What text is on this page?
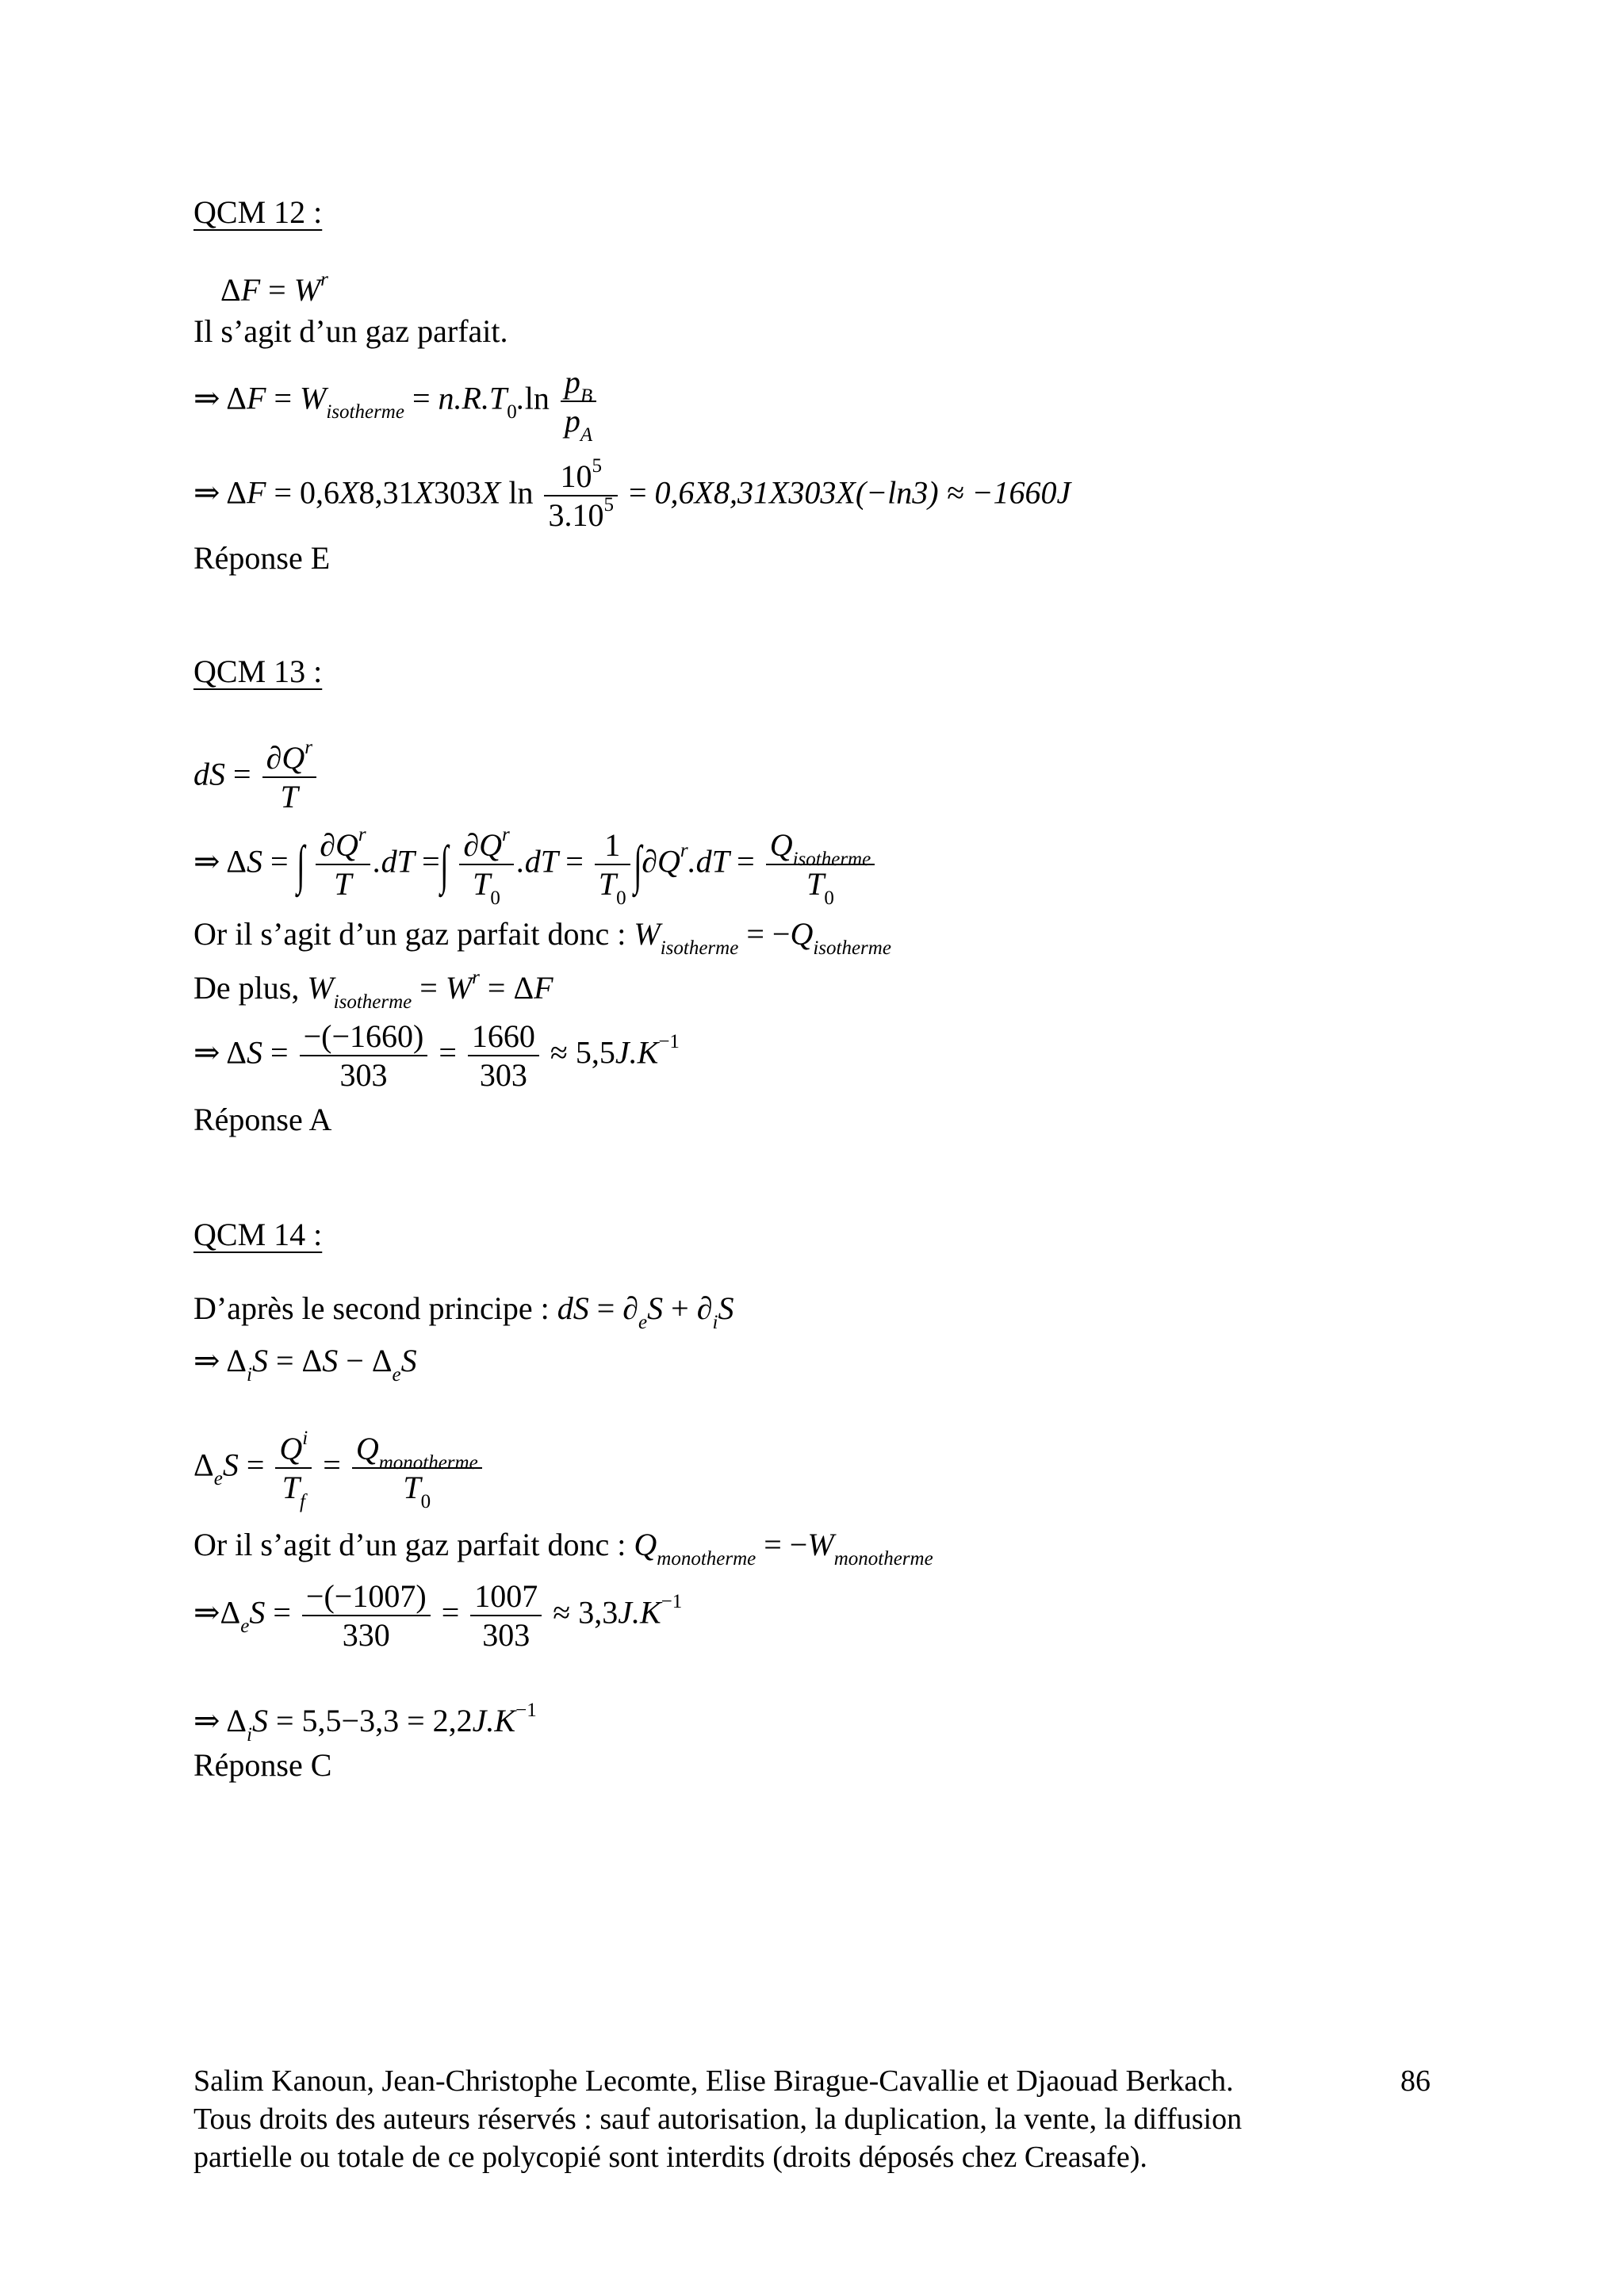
QCM 12 :
$\Delta F = W^r$
Il s’agit d’un gaz parfait.
⇒ $\Delta F = W_{isotherme} = n.R.T_0.\ln \frac{p_B}{p_A}$
⇒ ΔF = 0,6X8,31X303X $\ln \frac{10^5}{3.10^5} = 0,6X8,31X303X(-\ln 3) \approx -1660J$
Réponse E
QCM 13 :
dS = $\frac{\partial Q^r}{T}$
⇒ ΔS = ∫ $\frac{\partial Q^r}{T} .dT$ =∫ $\frac{\partial Q^r}{T_0} .dT = \frac{1}{T_0} \int\partial Q^r.dT = \frac{Q_{isotherme}}{T_0}$
Or il s’agit d’un gaz parfait donc : $W_{isotherme} = -Q_{isotherme}$
De plus, $W_{isotherme} = W^r = \Delta F$
⇒ $\Delta S = \frac{-(-1660)}{303} = \frac{1660}{303} \approx 5,5J.K^{-1}$
Réponse A
QCM 14 :
D’après le second principe : dS = $\partial_eS + \partial_iS$
⇒ $\Delta_iS = \Delta S - \Delta_eS$
$\Delta_eS = \frac{Q^i}{T_f} = \frac{Q_{monotherme}}{T_0}$
Or il s’agit d’un gaz parfait donc : $Q_{monotherme} = -W_{monotherme}$
$\Rightarrow\Delta_eS = \frac{-(-1007)}{330} = \frac{1007}{303} \approx 3,3J.K^{-1}$
⇒ $\Delta_iS = 5,5-3,3 = 2,2J.K^{-1}$
Réponse C
Salim Kanoun, Jean-Christophe Lecomte, Elise Birague-Cavallie et Djaouad Berkach.	86
Tous droits des auteurs réservés : sauf autorisation, la duplication, la vente, la diffusion
partielle ou totale de ce polycopié sont interdits (droits déposés chez Creasafe).
